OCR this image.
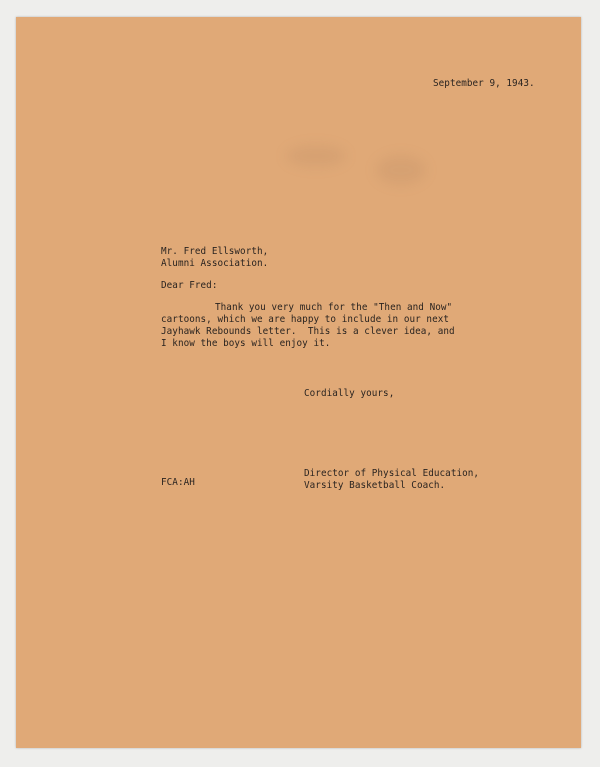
September 9, 1943.
Mr. Fred Ellsworth,
Alumni Association.
Dear Fred:
Thank you very much for the "Then and Now"
cartoons, which we are happy to include in our next
Jayhawk Rebounds letter.  This is a clever idea, and
I know the boys will enjoy it.
Cordially yours,
Director of Physical Education,
Varsity Basketball Coach.
FCA:AH
